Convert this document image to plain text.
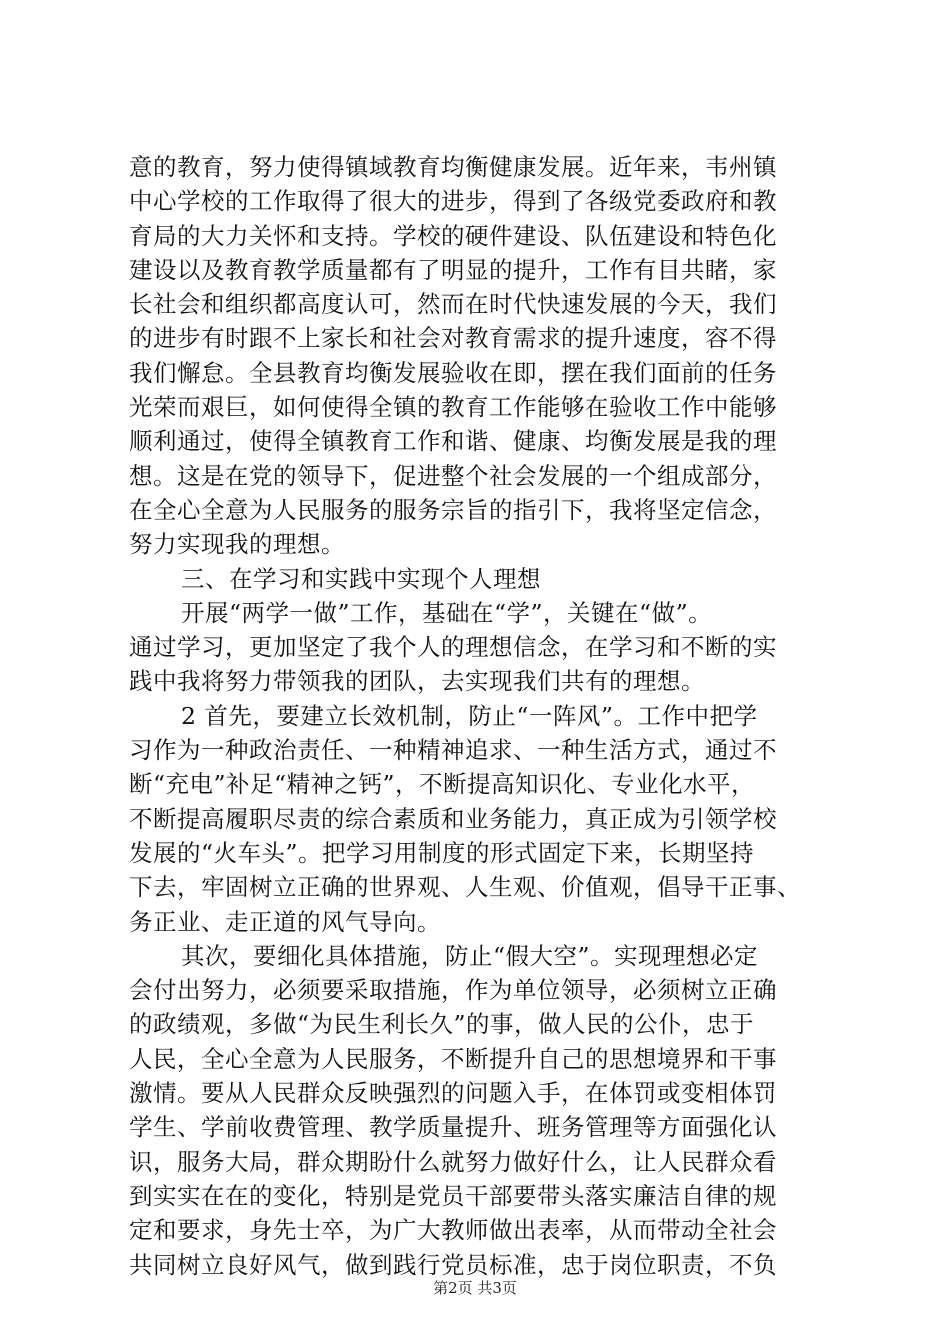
意的教育，努力使得镇域教育均衡健康发展。近年来，韦州镇
中心学校的工作取得了很大的进步，得到了各级党委政府和教
育局的大力关怀和支持。学校的硬件建设、队伍建设和特色化
建设以及教育教学质量都有了明显的提升，工作有目共睹，家
长社会和组织都高度认可，然而在时代快速发展的今天，我们
的进步有时跟不上家长和社会对教育需求的提升速度，容不得
我们懈怠。全县教育均衡发展验收在即，摆在我们面前的任务
光荣而艰巨，如何使得全镇的教育工作能够在验收工作中能够
顺利通过，使得全镇教育工作和谐、健康、均衡发展是我的理
想。这是在党的领导下，促进整个社会发展的一个组成部分，
在全心全意为人民服务的服务宗旨的指引下，我将坚定信念，
努力实现我的理想。
三、在学习和实践中实现个人理想
开展“两学一做”工作，基础在“学”，关键在“做”。
通过学习，更加坚定了我个人的理想信念，在学习和不断的实
践中我将努力带领我的团队，去实现我们共有的理想。
2 首先，要建立长效机制，防止“一阵风”。工作中把学
习作为一种政治责任、一种精神追求、一种生活方式，通过不
断“充电”补足“精神之钙”，不断提高知识化、专业化水平，
不断提高履职尽责的综合素质和业务能力，真正成为引领学校
发展的“火车头”。把学习用制度的形式固定下来，长期坚持
下去，牢固树立正确的世界观、人生观、价值观，倡导干正事、
务正业、走正道的风气导向。
其次，要细化具体措施，防止“假大空”。实现理想必定
会付出努力，必须要采取措施，作为单位领导，必须树立正确
的政绩观，多做“为民生利长久”的事，做人民的公仆，忠于
人民，全心全意为人民服务，不断提升自己的思想境界和干事
激情。要从人民群众反映强烈的问题入手，在体罚或变相体罚
学生、学前收费管理、教学质量提升、班务管理等方面强化认
识，服务大局，群众期盼什么就努力做好什么，让人民群众看
到实实在在的变化，特别是党员干部要带头落实廉洁自律的规
定和要求，身先士卒，为广大教师做出表率，从而带动全社会
共同树立良好风气，做到践行党员标准，忠于岗位职责，不负
第2页 共3页
